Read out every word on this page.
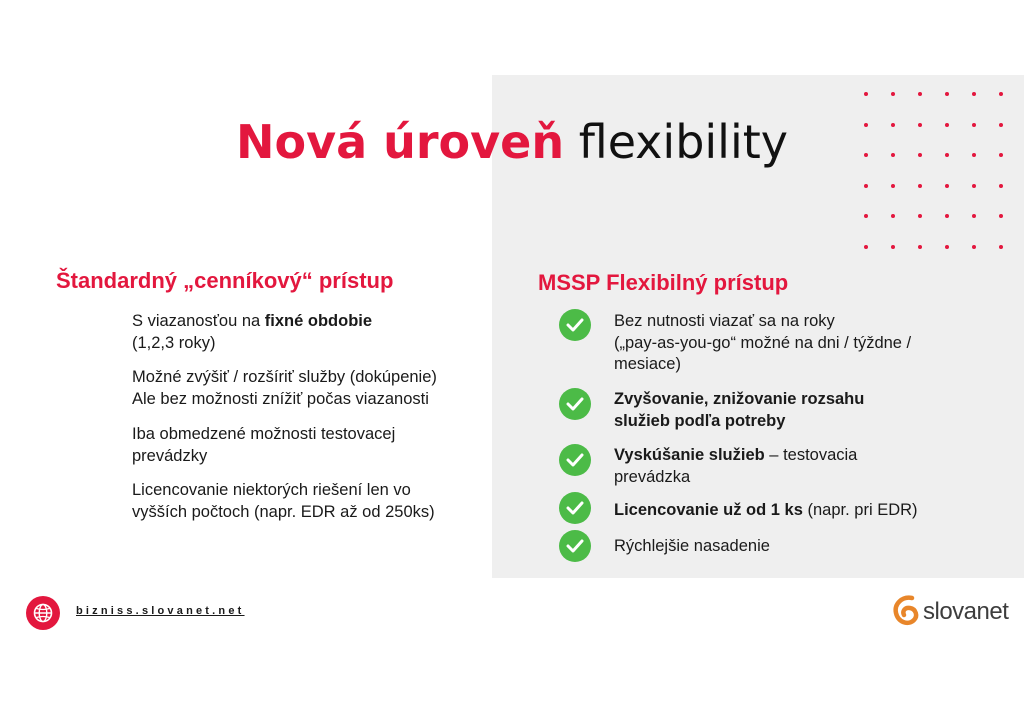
Nová úroveň flexibility
Štandardný „cenníkový“ prístup	MSSP Flexibilný prístup
S viazanosťou na fixné obdobie
(1,2,3 roky)
Možné zvýšiť / rozšíriť služby (dokúpenie)
Ale bez možnosti znížiť počas viazanosti
Iba obmedzené možnosti testovacej
prevádzky
Licencovanie niektorých riešení len vo
vyšších počtoch (napr. EDR až od 250ks)
Bez nutnosti viazať sa na roky
(„pay-as-you-go“ možné na dni / týždne /
mesiace)
Zvyšovanie, znižovanie rozsahu
služieb podľa potreby
Vyskúšanie služieb – testovacia
prevádzka
Licencovanie už od 1 ks (napr. pri EDR)
Rýchlejšie nasadenie
bizniss.slovanet.net	slovanet
